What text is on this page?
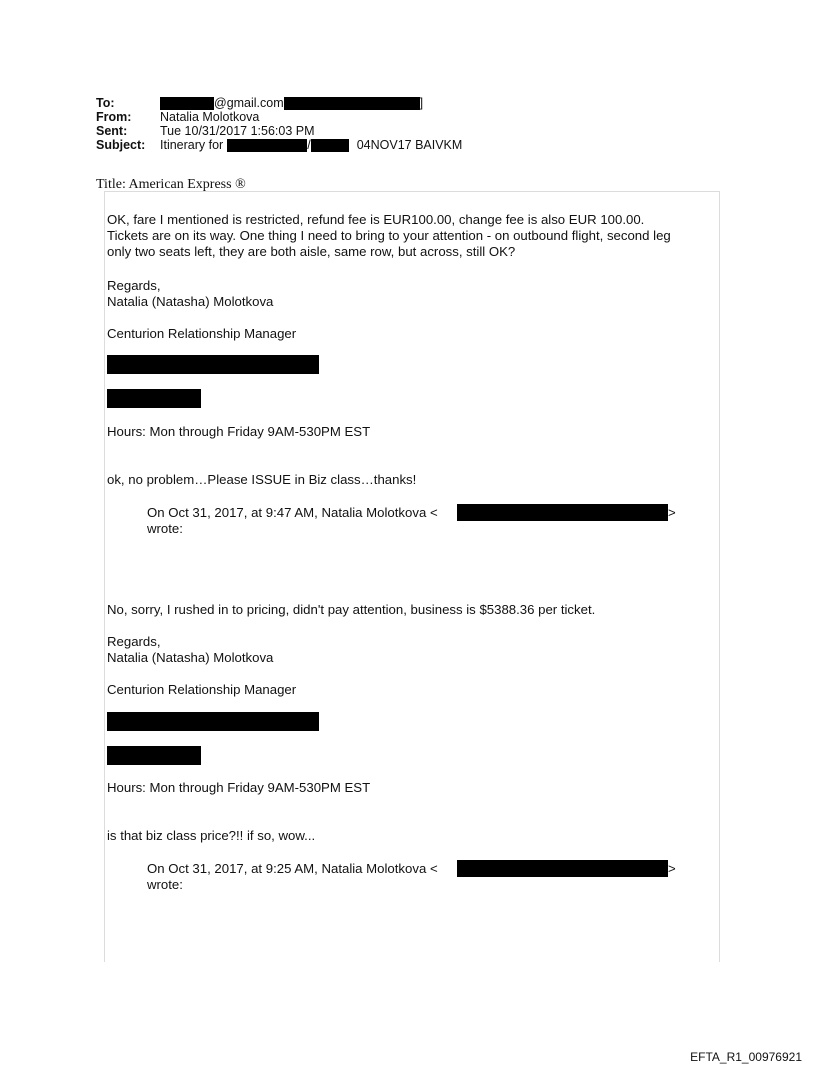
To:	@gmail.com	]
From:	Natalia Molotkova
Sent:	Tue 10/31/2017 1:56:03 PM
Subject:	Itinerary for	/	04NOV17 BAIVKM
Title: American Express ®
OK, fare I mentioned is restricted, refund fee is EUR100.00, change fee is also EUR 100.00.
Tickets are on its way. One thing I need to bring to your attention - on outbound flight, second leg
only two seats left, they are both aisle, same row, but across, still OK?
Regards,
Natalia (Natasha) Molotkova
Centurion Relationship Manager
Hours: Mon through Friday 9AM-530PM EST
ok, no problem…Please ISSUE in Biz class…thanks!
On Oct 31, 2017, at 9:47 AM, Natalia Molotkova <	>
wrote:
No, sorry, I rushed in to pricing, didn't pay attention, business is $5388.36 per ticket.
Regards,
Natalia (Natasha) Molotkova
Centurion Relationship Manager
Hours: Mon through Friday 9AM-530PM EST
is that biz class price?!! if so, wow...
On Oct 31, 2017, at 9:25 AM, Natalia Molotkova <	>
wrote:
EFTA_R1_00976921
